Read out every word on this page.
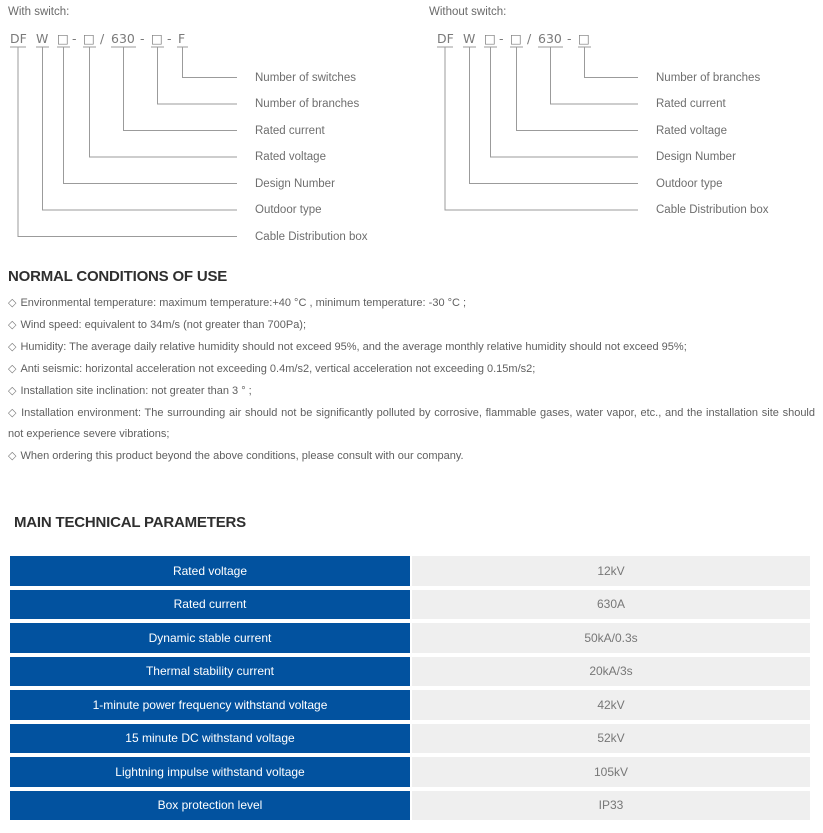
With switch:
DF W □ - □ / 630 - □ - F
Number of switches
Number of branches
Rated current
Rated voltage
Design Number
Outdoor type
Cable Distribution box
Without switch:
DF W □ - □ / 630 - □
Number of branches
Rated current
Rated voltage
Design Number
Outdoor type
Cable Distribution box
NORMAL CONDITIONS OF USE
◇ Environmental temperature: maximum temperature:+40 °C , minimum temperature: -30 °C ;
◇ Wind speed: equivalent to 34m/s (not greater than 700Pa);
◇ Humidity: The average daily relative humidity should not exceed 95%, and the average monthly relative humidity should not exceed 95%;
◇ Anti seismic: horizontal acceleration not exceeding 0.4m/s2, vertical acceleration not exceeding 0.15m/s2;
◇ Installation site inclination: not greater than 3 ° ;
◇ Installation environment: The surrounding air should not be significantly polluted by corrosive, flammable gases, water vapor, etc., and the installation site should not experience severe vibrations;
◇ When ordering this product beyond the above conditions, please consult with our company.
MAIN TECHNICAL PARAMETERS
Rated voltage	12kV
Rated current	630A
Dynamic stable current	50kA/0.3s
Thermal stability current	20kA/3s
1-minute power frequency withstand voltage	42kV
15 minute DC withstand voltage	52kV
Lightning impulse withstand voltage	105kV
Box protection level	IP33
